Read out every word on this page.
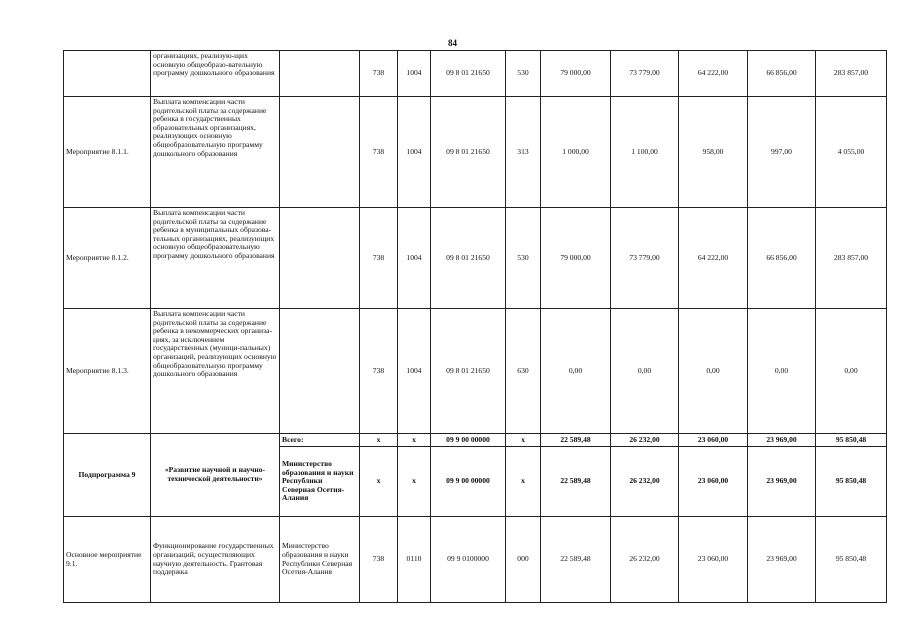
84
	организациях, реализую-щих основную общеобразо-вательную программу дошкольного образования		738	1004	09 8 01 21650	530	79 000,00	73 779,00	64 222,00	66 856,00	283 857,00
Мероприятие 8.1.1.	Выплата компенсации части родительской платы за содержание ребенка в государственных образовательных организациях, реализующих основную общеобразовательную программу дошкольного образования		738	1004	09 8 01 21650	313	1 000,00	1 100,00	958,00	997,00	4 055,00
Мероприятие 8.1.2.	Выплата компенсации части родительской платы за содержание ребенка в муниципальных образова-тельных организациях, реализующих основную общеобразовательную программу дошкольного образования		738	1004	09 8 01 21650	530	79 000,00	73 779,00	64 222,00	66 856,00	283 857,00
Мероприятие 8.1.3.	Выплата компенсации части родительской платы за содержание ребенка в некоммерческих организа-циях, за исключением государственных (муници-пальных) организаций, реализующих основную общеобразовательную программу дошкольного образования		738	1004	09 8 01 21650	630	0,00	0,00	0,00	0,00	0,00
Подпрограмма 9	«Развитие научной и научно-технической деятельности»	Всего:	x	x	09 9 00 00000	x	22 589,48	26 232,00	23 060,00	23 969,00	95 850,48
		Министерство образования и науки Республики Северная Осетия-Алания	x	x	09 9 00 00000	x	22 589,48	26 232,00	23 060,00	23 969,00	95 850,48
Основное мероприятие 9.1.	Функционирование государственных организаций, осуществляющих научную деятельность. Грантовая поддержка	Министерство образования и науки Республики Северная Осетия-Алания	738	0110	09 9 0100000	000	22 589,48	26 232,00	23 060,00	23 969,00	95 850,48
